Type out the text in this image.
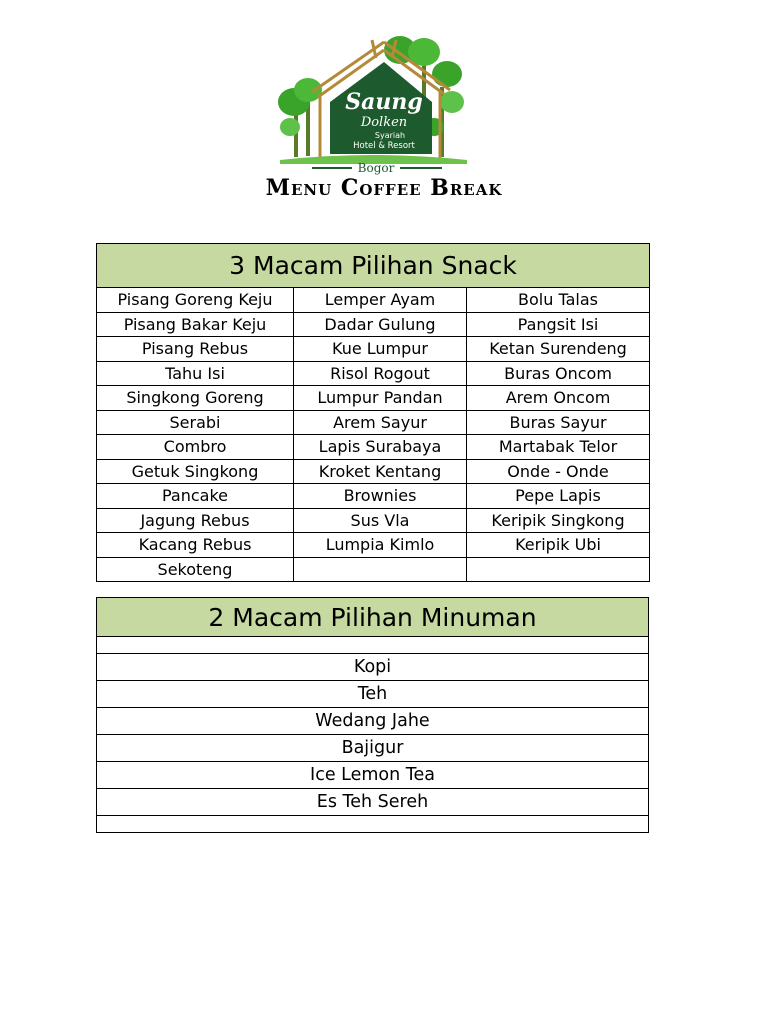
Saung
Dolken
Syariah
Hotel & Resort
Bogor
Menu Coffee Break
3 Macam Pilihan Snack		
Pisang Goreng Keju	Lemper Ayam	Bolu Talas
Pisang Bakar Keju	Dadar Gulung	Pangsit Isi
Pisang Rebus	Kue Lumpur	Ketan Surendeng
Tahu Isi	Risol Rogout	Buras Oncom
Singkong Goreng	Lumpur Pandan	Arem Oncom
Serabi	Arem Sayur	Buras Sayur
Combro	Lapis Surabaya	Martabak Telor
Getuk Singkong	Kroket Kentang	Onde - Onde
Pancake	Brownies	Pepe Lapis
Jagung Rebus	Sus Vla	Keripik Singkong
Kacang Rebus	Lumpia Kimlo	Keripik Ubi
Sekoteng		
2 Macam Pilihan Minuman

Kopi
Teh
Wedang Jahe
Bajigur
Ice Lemon Tea
Es Teh Sereh
